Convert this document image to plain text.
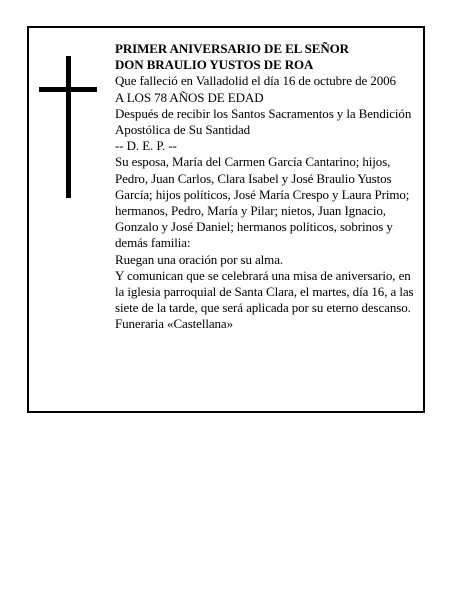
PRIMER ANIVERSARIO DE EL SEÑOR

DON BRAULIO YUSTOS DE ROA

Que falleció en Valladolid el día 16 de octubre de 2006

A LOS 78 AÑOS DE EDAD

Después de recibir los Santos Sacramentos y la Bendición Apostólica de Su Santidad

-- D. E. P. --

Su esposa, María del Carmen García Cantarino; hijos, Pedro, Juan Carlos, Clara Isabel y José Braulio Yustos García; hijos políticos, José María Crespo y Laura Primo; hermanos, Pedro, María y Pilar; nietos, Juan Ignacio, Gonzalo y José Daniel; hermanos políticos, sobrinos y demás familia:

Ruegan una oración por su alma.

Y comunican que se celebrará una misa de aniversario, en la iglesia parroquial de Santa Clara, el martes, día 16, a las siete de la tarde, que será aplicada por su eterno descanso.

Funeraria «Castellana»
